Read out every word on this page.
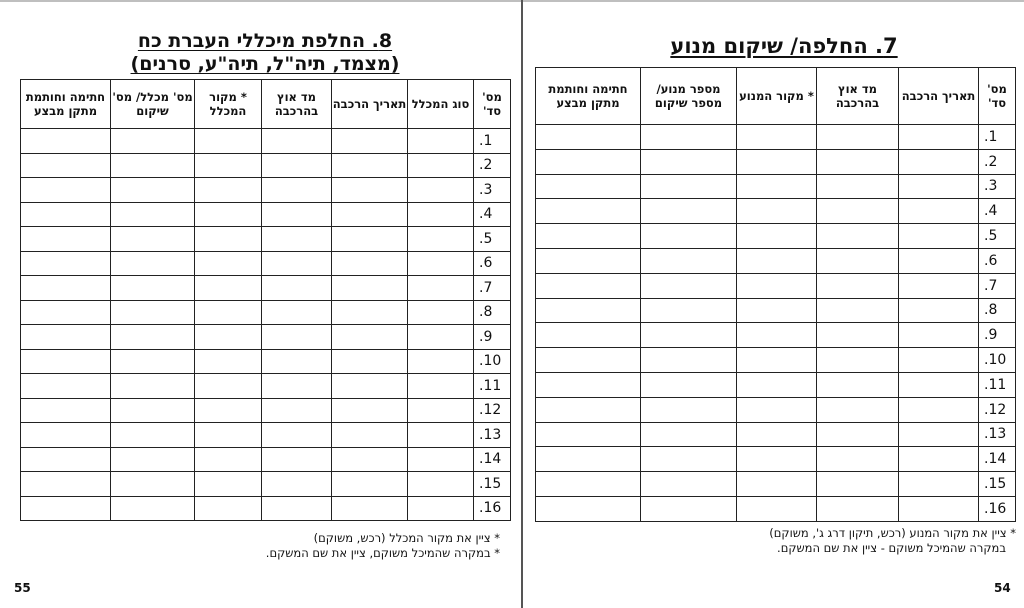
8. החלפת מיכללי העברת כח
(מצמד, תיה"ל, תיה"ע, סרנים)
מס' סד'	סוג המכלל	תאריך הרכבה	מד אוץ בהרכבה	* מקור המכלל	מס' מכלל/ מס' שיקום	חתימה וחותמת מתקן מבצע
.1						
.2						
.3						
.4						
.5						
.6						
.7						
.8						
.9						
.10						
.11						
.12						
.13						
.14						
.15						
.16						
* ציין את מקור המכלל (רכש, משוקם)
* במקרה שהמיכל משוקם, ציין את שם המשקם.
55
7. החלפה/ שיקום מנוע
מס' סד'	תאריך הרכבה	מד אוץ בהרכבה	* מקור המנוע	מספר מנוע/ מספר שיקום	חתימה וחותמת מתקן מבצע
.1					
.2					
.3					
.4					
.5					
.6					
.7					
.8					
.9					
.10					
.11					
.12					
.13					
.14					
.15					
.16					
* ציין את מקור המנוע (רכש, תיקון דרג ג', משוקם)
במקרה שהמיכל משוקם - ציין את שם המשקם.
54
